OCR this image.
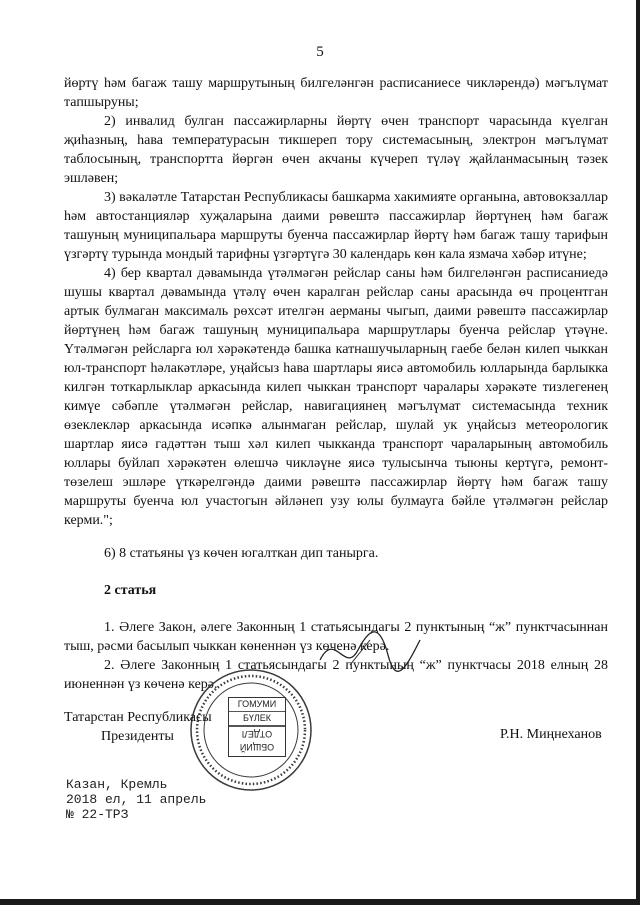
5

йөртү һәм багаж ташу маршрутының билгеләнгән расписаниесе чикләрендә) мәгълүмат тапшыруны;

2) инвалид булган пассажирларны йөртү өчен транспорт чарасында күелган җиһазның, һава температурасын тикшереп тору системасының, электрон мәгълүмат таблосының, транспортта йөргән өчен акчаны күчереп түләү җайланмасының тәзек эшләвен;

3) вәкаләтле Татарстан Республикасы башкарма хакимияте органына, автовокзаллар һәм автостанцияләр хуҗаларына даими рөвештә пассажирлар йөртүнең һәм багаж ташуның муниципальара маршруты буенча пассажирлар йөртү һәм багаж ташу тарифын үзгәртү турында мондый тарифны үзгәртүгә 30 календарь көн кала язмача хәбәр итүне;

4) бер квартал дәвамында үтәлмәгән рейслар саны һәм билгеләнгән расписаниедә шушы квартал дәвамында үтәлү өчен каралган рейслар саны арасында өч процентган артык булмаган максималь рөхсәт ителгән аерманы чыгып, даими рәвештә пассажирлар йөртүнең һәм багаж ташуның муниципальара маршрутлары буенча рейслар үтәүне. Үтәлмәгән рейсларга юл хәрәкәтендә башка катнашучыларның гаебе белән килеп чыккан юл-транспорт һәлакәтләре, уңайсыз һава шартлары яисә автомобиль юлларында барлыкка килгән тоткарлыклар аркасында килеп чыккан транспорт чаралары хәрәкәте тизлегенең кимүе сәбәпле үтәлмәгән рейслар, навигациянең мәгълүмат системасында техник өзеклекләр аркасында исәпкә алынмаган рейслар, шулай ук уңайсыз метеорологик шартлар яисә гадәттән тыш хәл килеп чыкканда транспорт чараларының автомобиль юллары буйлап хәрәкәтен өлешчә чикләүне яисә тулысынча тыюны кертүгә, ремонт-төзелеш эшләре үткәрелгәндә даими рәвештә пассажирлар йөртү һәм багаж ташу маршруты буенча юл участогын әйләнеп узу юлы булмауга бәйле үтәлмәгән рейслар керми.";

6) 8 статьяны үз көчен югалткан дип танырга.

2 статья

1. Әлеге Закон, әлеге Законның 1 статьясындагы 2 пунктының “ж” пунктчасыннан тыш, рәсми басылып чыккан көненнән үз көченә керә.

2. Әлеге Законның 1 статьясындагы 2 пунктының “ж” пунктчасы 2018 елның 28 июненнән үз көченә керә.

ГОМУМИ
БҮЛЕК
ОТДЕЛ
ОБЩИЙ
Татарстан Республикасы
Президенты	Р.Н. Миңнеханов
Казан, Кремль
2018 ел, 11 апрель
№ 22-ТРЗ
